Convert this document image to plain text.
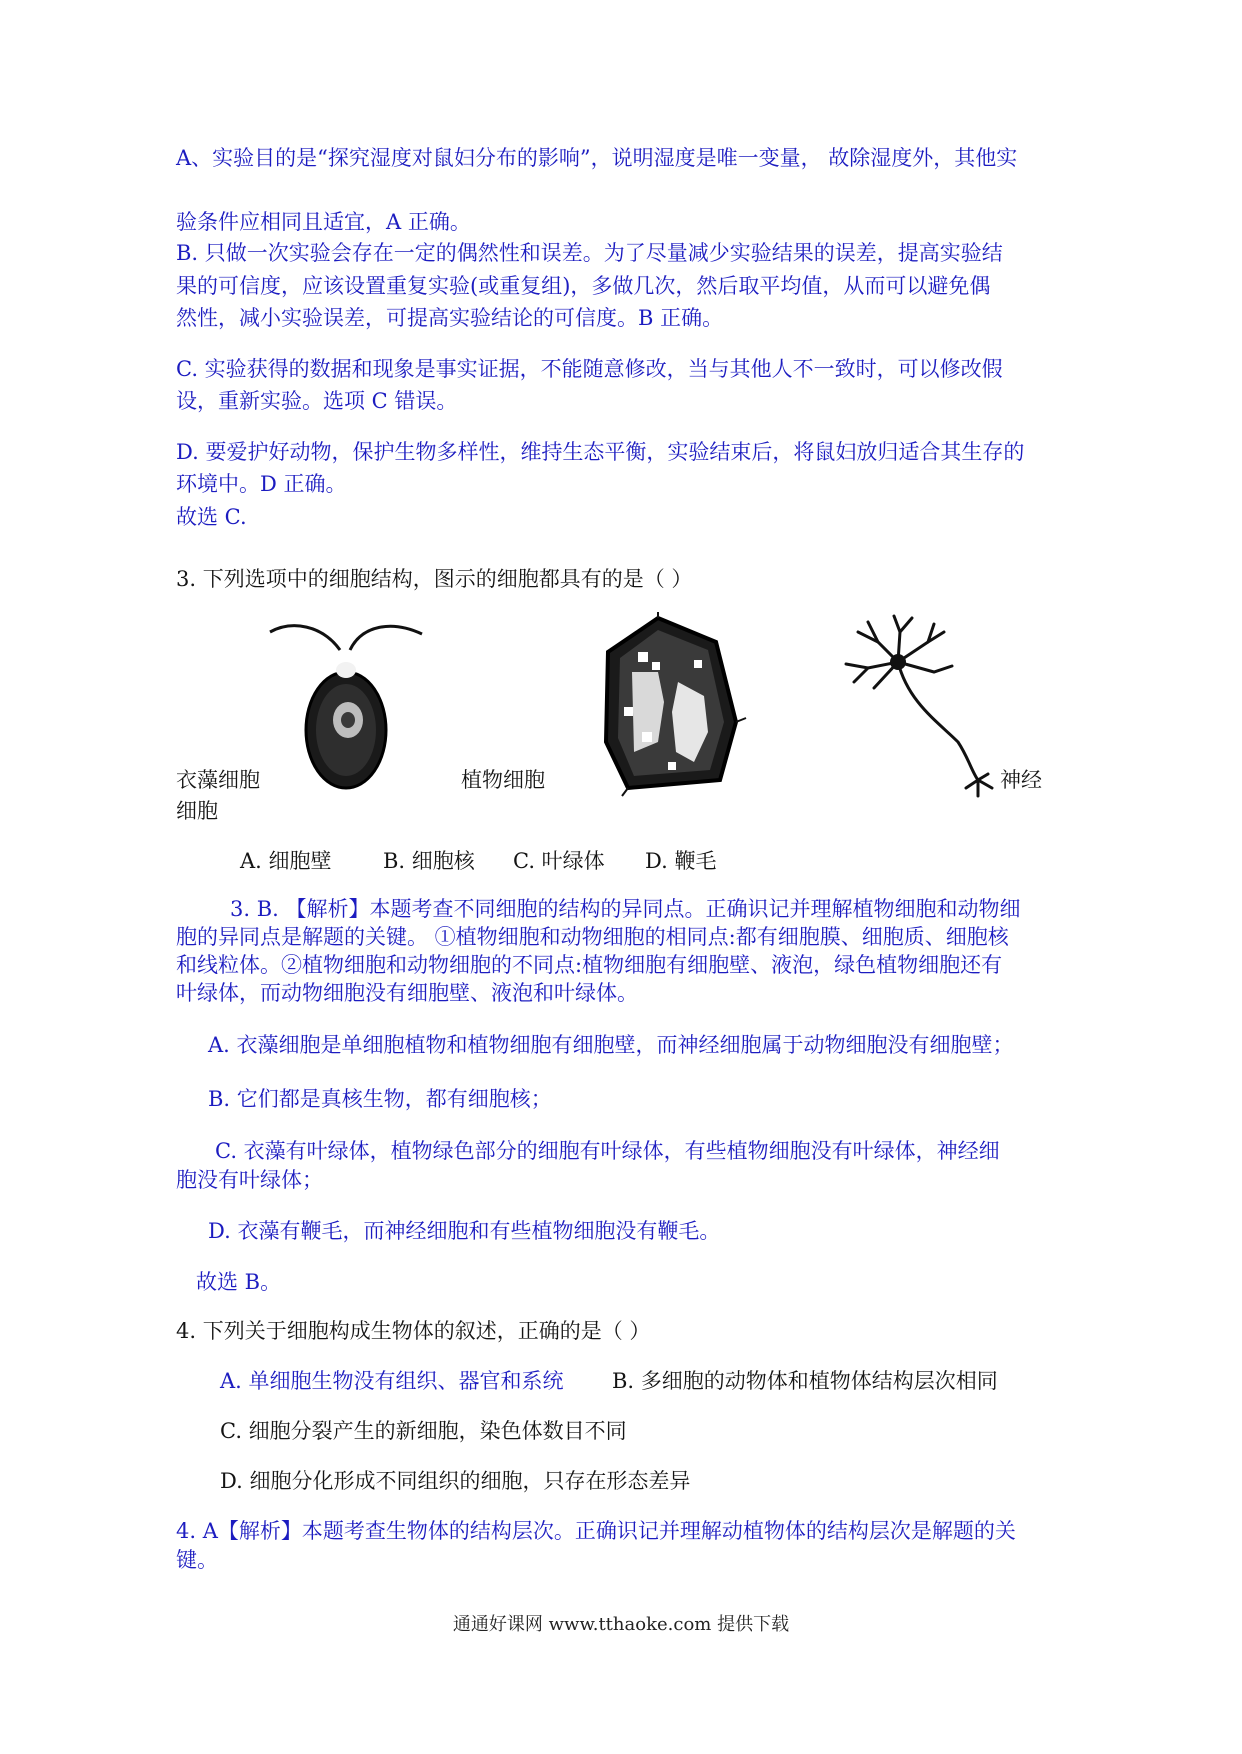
A、实验目的是“探究湿度对鼠妇分布的影响”，说明湿度是唯一变量， 故除湿度外，其他实
验条件应相同且适宜，A 正确。
B. 只做一次实验会存在一定的偶然性和误差。为了尽量减少实验结果的误差，提高实验结
果的可信度，应该设置重复实验(或重复组)，多做几次，然后取平均值，从而可以避免偶
然性，减小实验误差，可提高实验结论的可信度。B 正确。
C. 实验获得的数据和现象是事实证据，不能随意修改，当与其他人不一致时，可以修改假
设，重新实验。选项 C 错误。
D. 要爱护好动物，保护生物多样性，维持生态平衡，实验结束后，将鼠妇放归适合其生存的
环境中。D 正确。
故选 C.
3. 下列选项中的细胞结构，图示的细胞都具有的是（ ）
衣藻细胞	植物细胞	神经
细胞
A. 细胞壁 B. 细胞核 C. 叶绿体 D. 鞭毛
3. B. 【解析】本题考查不同细胞的结构的异同点。正确识记并理解植物细胞和动物细
胞的异同点是解题的关键。 ①植物细胞和动物细胞的相同点:都有细胞膜、细胞质、细胞核
和线粒体。②植物细胞和动物细胞的不同点:植物细胞有细胞壁、液泡，绿色植物细胞还有
叶绿体，而动物细胞没有细胞壁、液泡和叶绿体。
A. 衣藻细胞是单细胞植物和植物细胞有细胞壁，而神经细胞属于动物细胞没有细胞壁；
B. 它们都是真核生物，都有细胞核；
C. 衣藻有叶绿体，植物绿色部分的细胞有叶绿体，有些植物细胞没有叶绿体，神经细
胞没有叶绿体；
D. 衣藻有鞭毛，而神经细胞和有些植物细胞没有鞭毛。
故选 B。
4. 下列关于细胞构成生物体的叙述，正确的是（ ）
A. 单细胞生物没有组织、器官和系统 B. 多细胞的动物体和植物体结构层次相同
C. 细胞分裂产生的新细胞，染色体数目不同
D. 细胞分化形成不同组织的细胞，只存在形态差异
4. A【解析】本题考查生物体的结构层次。正确识记并理解动植物体的结构层次是解题的关
键。
通通好课网 www.tthaoke.com 提供下载
